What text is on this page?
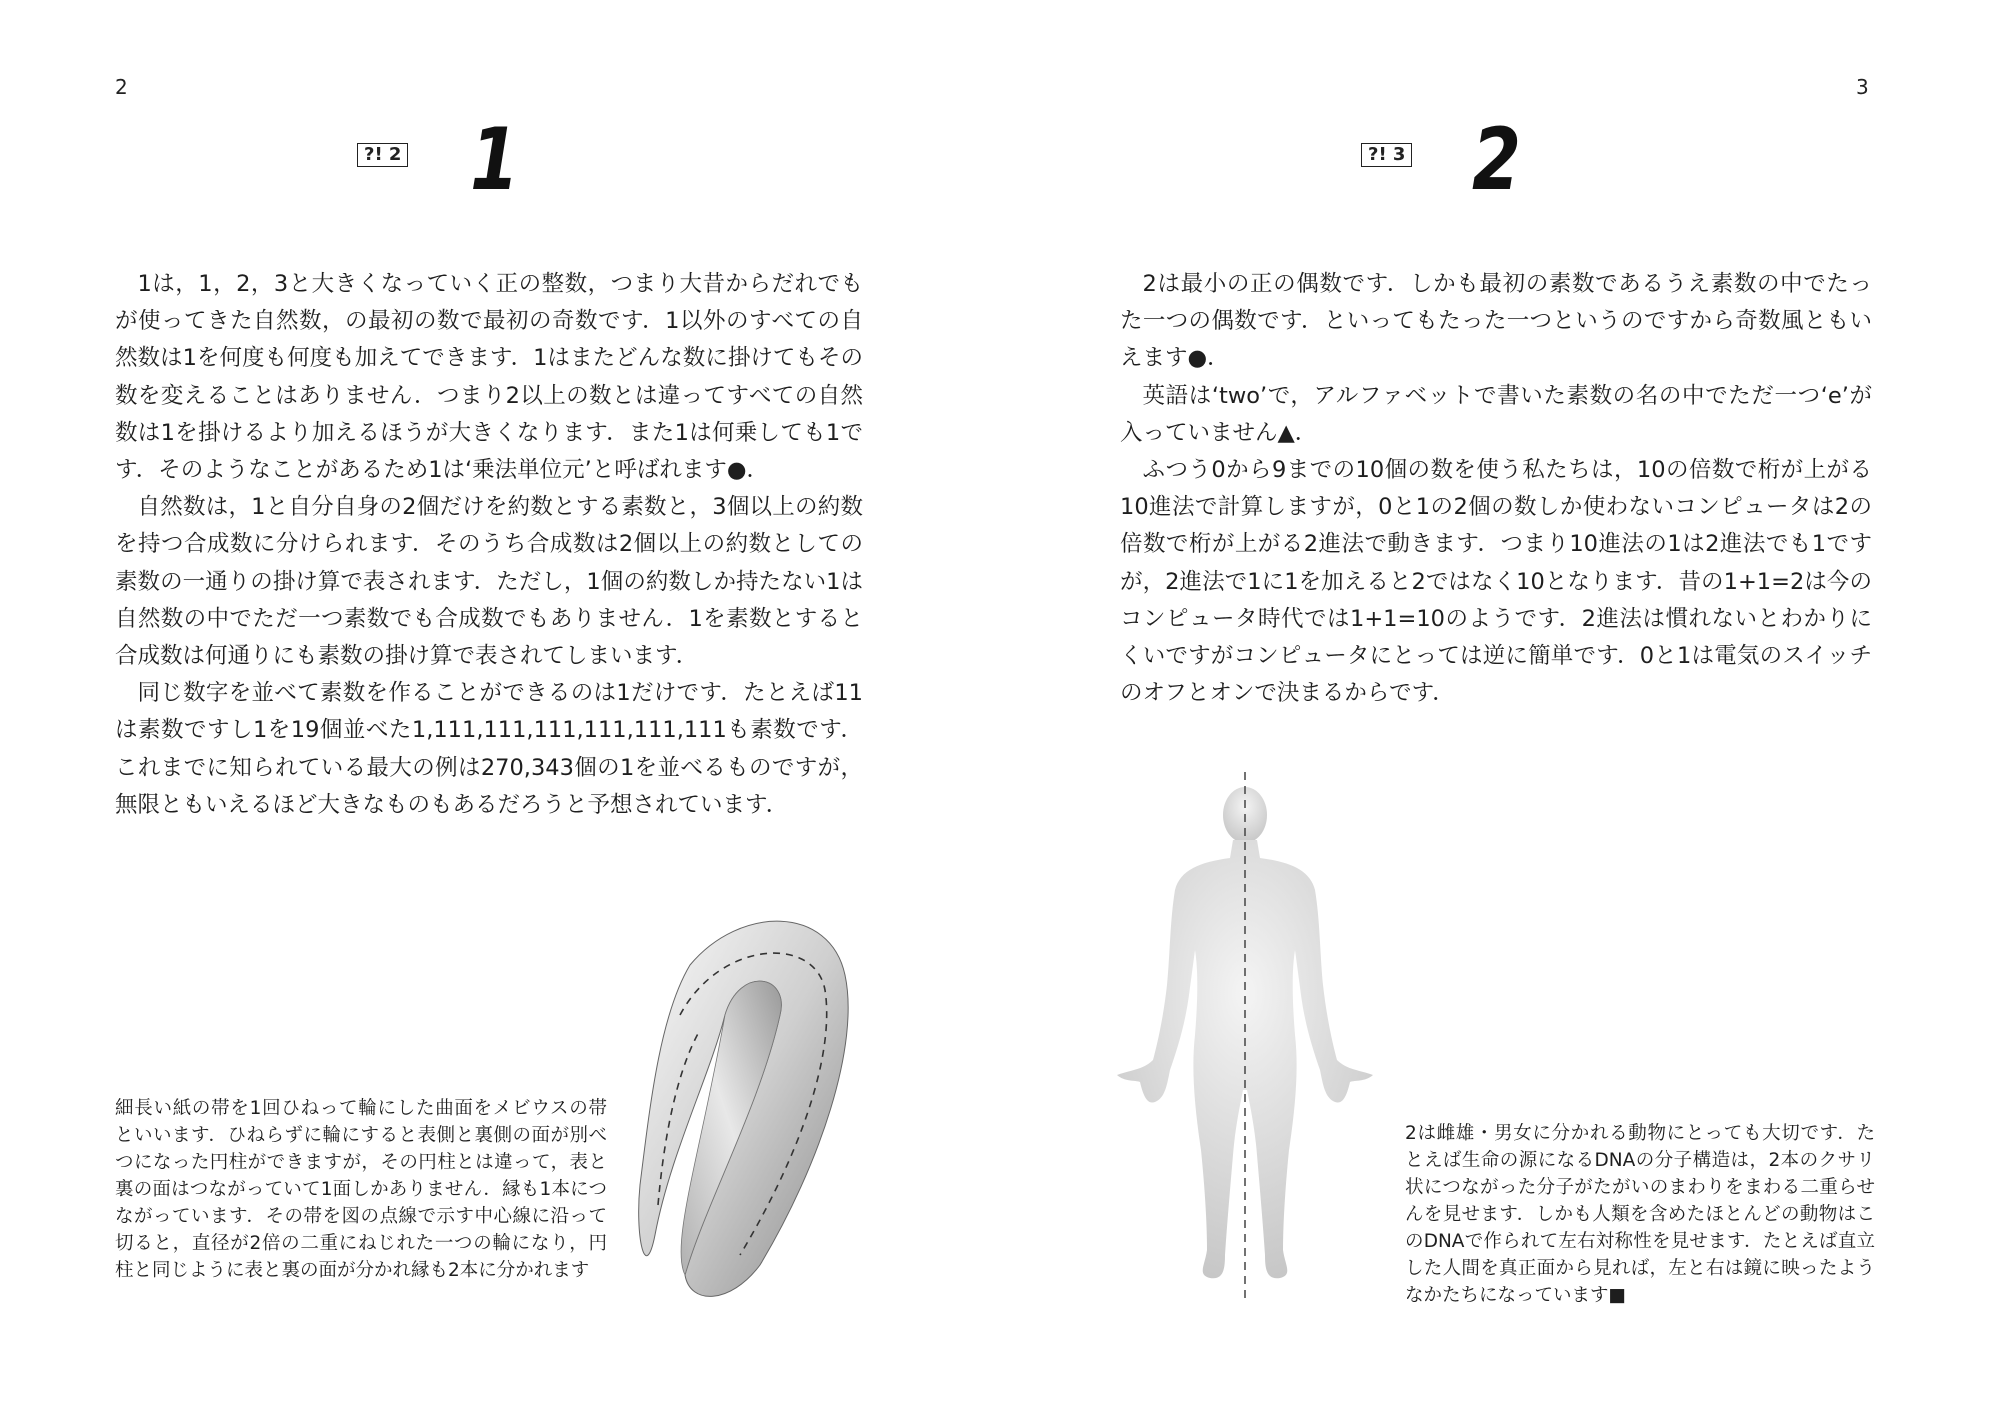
2
?! 2 1

1は，1，2，3と大きくなっていく正の整数，つまり大昔からだれでもが使ってきた自然数，の最初の数で最初の奇数です．1以外のすべての自然数は1を何度も何度も加えてできます．1はまたどんな数に掛けてもその数を変えることはありません．つまり2以上の数とは違ってすべての自然数は1を掛けるより加えるほうが大きくなります．また1は何乗しても1です．そのようなことがあるため1は‘乗法単位元’と呼ばれます●．

自然数は，1と自分自身の2個だけを約数とする素数と，3個以上の約数を持つ合成数に分けられます．そのうち合成数は2個以上の約数としての素数の一通りの掛け算で表されます．ただし，1個の約数しか持たない1は自然数の中でただ一つ素数でも合成数でもありません．1を素数とすると合成数は何通りにも素数の掛け算で表されてしまいます．

同じ数字を並べて素数を作ることができるのは1だけです．たとえば11は素数ですし1を19個並べた1,111,111,111,111,111,111も素数です．これまでに知られている最大の例は270,343個の1を並べるものですが，無限ともいえるほど大きなものもあるだろうと予想されています．

細長い紙の帯を1回ひねって輪にした曲面をメビウスの帯といいます．ひねらずに輪にすると表側と裏側の面が別べつになった円柱ができますが，その円柱とは違って，表と裏の面はつながっていて1面しかありません．縁も1本につながっています．その帯を図の点線で示す中心線に沿って切ると，直径が2倍の二重にねじれた一つの輪になり，円柱と同じように表と裏の面が分かれ縁も2本に分かれます
3
?! 3 2

2は最小の正の偶数です．しかも最初の素数であるうえ素数の中でたった一つの偶数です．といってもたった一つというのですから奇数風ともいえます●．

英語は‘two’で，アルファベットで書いた素数の名の中でただ一つ‘e’が入っていません▲．

ふつう0から9までの10個の数を使う私たちは，10の倍数で桁が上がる10進法で計算しますが，0と1の2個の数しか使わないコンピュータは2の倍数で桁が上がる2進法で動きます．つまり10進法の1は2進法でも1ですが，2進法で1に1を加えると2ではなく10となります．昔の1+1=2は今のコンピュータ時代では1+1=10のようです．2進法は慣れないとわかりにくいですがコンピュータにとっては逆に簡単です．0と1は電気のスイッチのオフとオンで決まるからです．

2は雌雄・男女に分かれる動物にとっても大切です．たとえば生命の源になるDNAの分子構造は，2本のクサリ状につながった分子がたがいのまわりをまわる二重らせんを見せます．しかも人類を含めたほとんどの動物はこのDNAで作られて左右対称性を見せます．たとえば直立した人間を真正面から見れば，左と右は鏡に映ったようなかたちになっています■
